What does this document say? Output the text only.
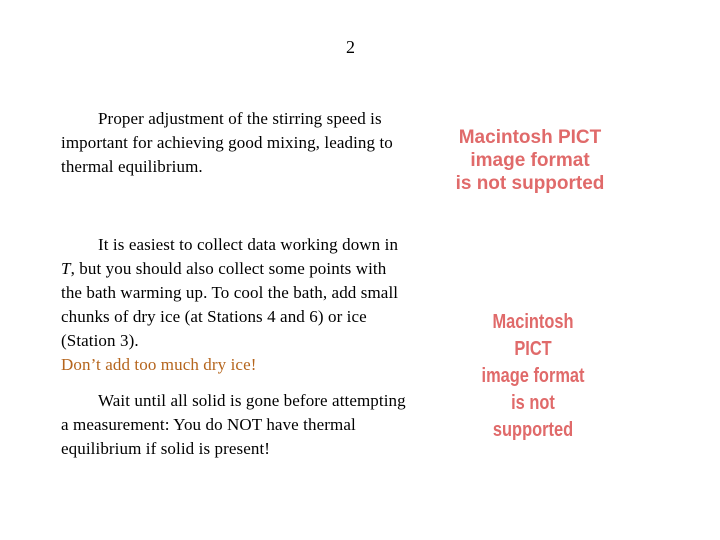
2
Proper adjustment of the stirring speed is important for achieving good mixing, leading to thermal equilibrium.
It is easiest to collect data working down in T, but you should also collect some points with the bath warming up. To cool the bath, add small chunks of dry ice (at Stations 4 and 6) or ice (Station 3).
Don’t add too much dry ice!
Wait until all solid is gone before attempting a measurement: You do NOT have thermal equilibrium if solid is present!
Macintosh PICT
image format
is not supported
Macintosh PICT
image format
is not supported
